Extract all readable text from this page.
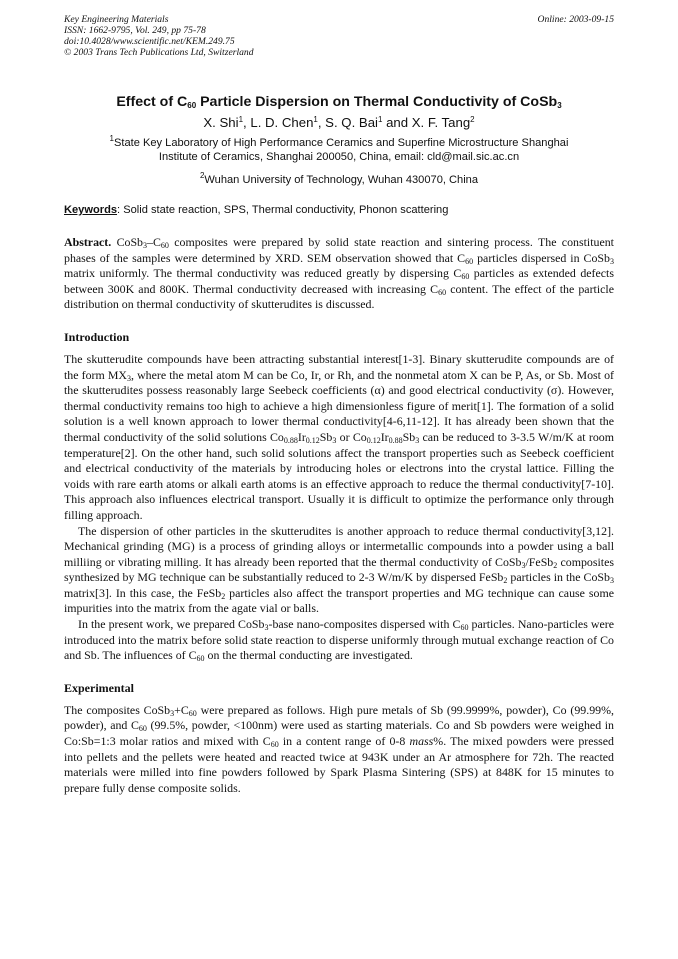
Key Engineering Materials
ISSN: 1662-9795, Vol. 249, pp 75-78
doi:10.4028/www.scientific.net/KEM.249.75
© 2003 Trans Tech Publications Ltd, Switzerland
Online: 2003-09-15
Effect of $C_{60}$ Particle Dispersion on Thermal Conductivity of CoSb$_3$
X. Shi$^1$, L. D. Chen$^1$, S. Q. Bai$^1$ and X. F. Tang$^2$
$^1$State Key Laboratory of High Performance Ceramics and Superfine Microstructure Shanghai
Institute of Ceramics, Shanghai 200050, China, email: cld@mail.sic.ac.cn
$^2$Wuhan University of Technology, Wuhan 430070, China
Keywords: Solid state reaction, SPS, Thermal conductivity, Phonon scattering
Abstract. $CoSb_3-C_{60}$ composites were prepared by solid state reaction and sintering process. The constituent phases of the samples were determined by XRD. SEM observation showed that $C_{60}$ particles dispersed in CoSb$_3$ matrix uniformly. The thermal conductivity was reduced greatly by dispersing $C_{60}$ particles as extended defects between 300K and 800K. Thermal conductivity decreased with increasing $C_{60}$ content. The effect of the particle distribution on thermal conductivity of skutterudites is discussed.
Introduction

The skutterudite compounds have been attracting substantial interest[1-3]. Binary skutterudite compounds are of the form $MX_3$, where the metal atom M can be Co, Ir, or Rh, and the nonmetal atom X can be P, As, or Sb. Most of the skutterudites possess reasonably large Seebeck coefficients (α) and good electrical conductivity (σ). However, thermal conductivity remains too high to achieve a high dimensionless figure of merit[1]. The formation of a solid solution is a well known approach to lower thermal conductivity[4-6,11-12]. It has already been shown that the thermal conductivity of the solid solutions $Co_{0.88}Ir_{0.12}Sb_3$ or $Co_{0.12}Ir_{0.88}Sb_3$ can be reduced to 3-3.5 W/m/K at room temperature[2]. On the other hand, such solid solutions affect the transport properties such as Seebeck coefficient and electrical conductivity of the materials by introducing holes or electrons into the crystal lattice. Filling the voids with rare earth atoms or alkali earth atoms is an effective approach to reduce the thermal conductivity[7-10]. This approach also influences electrical transport. Usually it is difficult to optimize the performance only through filling approach.

The dispersion of other particles in the skutterudites is another approach to reduce thermal conductivity[3,12]. Mechanical grinding (MG) is a process of grinding alloys or intermetallic compounds into a powder using a ball milliing or vibrating milling. It has already been reported that the thermal conductivity of CoSb$_3$/FeSb$_2$ composites synthesized by MG technique can be substantially reduced to 2-3 W/m/K by dispersed FeSb$_2$ particles in the CoSb$_3$ matrix[3]. In this case, the FeSb$_2$ particles also affect the transport properties and MG technique can cause some impurities into the matrix from the agate vial or balls.

In the present work, we prepared CoSb$_3$-base nano-composites dispersed with $C_{60}$ particles. Nano-particles were introduced into the matrix before solid state reaction to disperse uniformly through mutual exchange reaction of Co and Sb. The influences of $C_{60}$ on the thermal conducting are investigated.

Experimental

The composites $CoSb_3+C_{60}$ were prepared as follows. High pure metals of Sb (99.9999%, powder), Co (99.99%, powder), and $C_{60}$ (99.5%, powder, <100nm) were used as starting materials. Co and Sb powders were weighed in Co:Sb=1:3 molar ratios and mixed with $C_{60}$ in a content range of 0-8 mass%. The mixed powders were pressed into pellets and the pellets were heated and reacted twice at 943K under an Ar atmosphere for 72h. The reacted materials were milled into fine powders followed by Spark Plasma Sintering (SPS) at 848K for 15 minutes to prepare fully dense composite solids.
